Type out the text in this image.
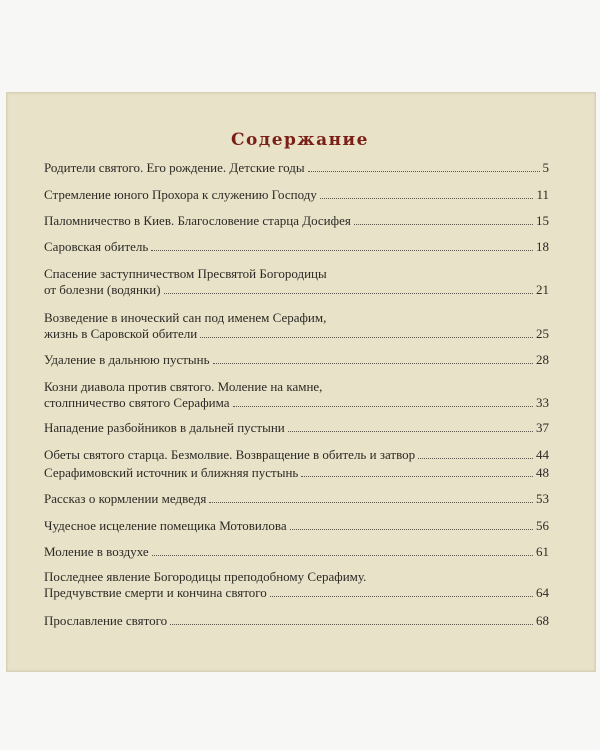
Содержание
Родители святого. Его рождение. Детские годы	5
Стремление юного Прохора к служению Господу	11
Паломничество в Киев. Благословение старца Досифея	15
Саровская обитель	18
Спасение заступничеством Пресвятой Богородицы
от болезни (водянки)	21
Возведение в иноческий сан под именем Серафим,
жизнь в Саровской обители	25
Удаление в дальнюю пустынь	28
Козни диавола против святого. Моление на камне,
столпничество святого Серафима	33
Нападение разбойников в дальней пустыни	37
Обеты святого старца. Безмолвие. Возвращение в обитель и затвор	44
Серафимовский источник и ближняя пустынь	48
Рассказ о кормлении медведя	53
Чудесное исцеление помещика Мотовилова	56
Моление в воздухе	61
Последнее явление Богородицы преподобному Серафиму.
Предчувствие смерти и кончина святого	64
Прославление святого	68
